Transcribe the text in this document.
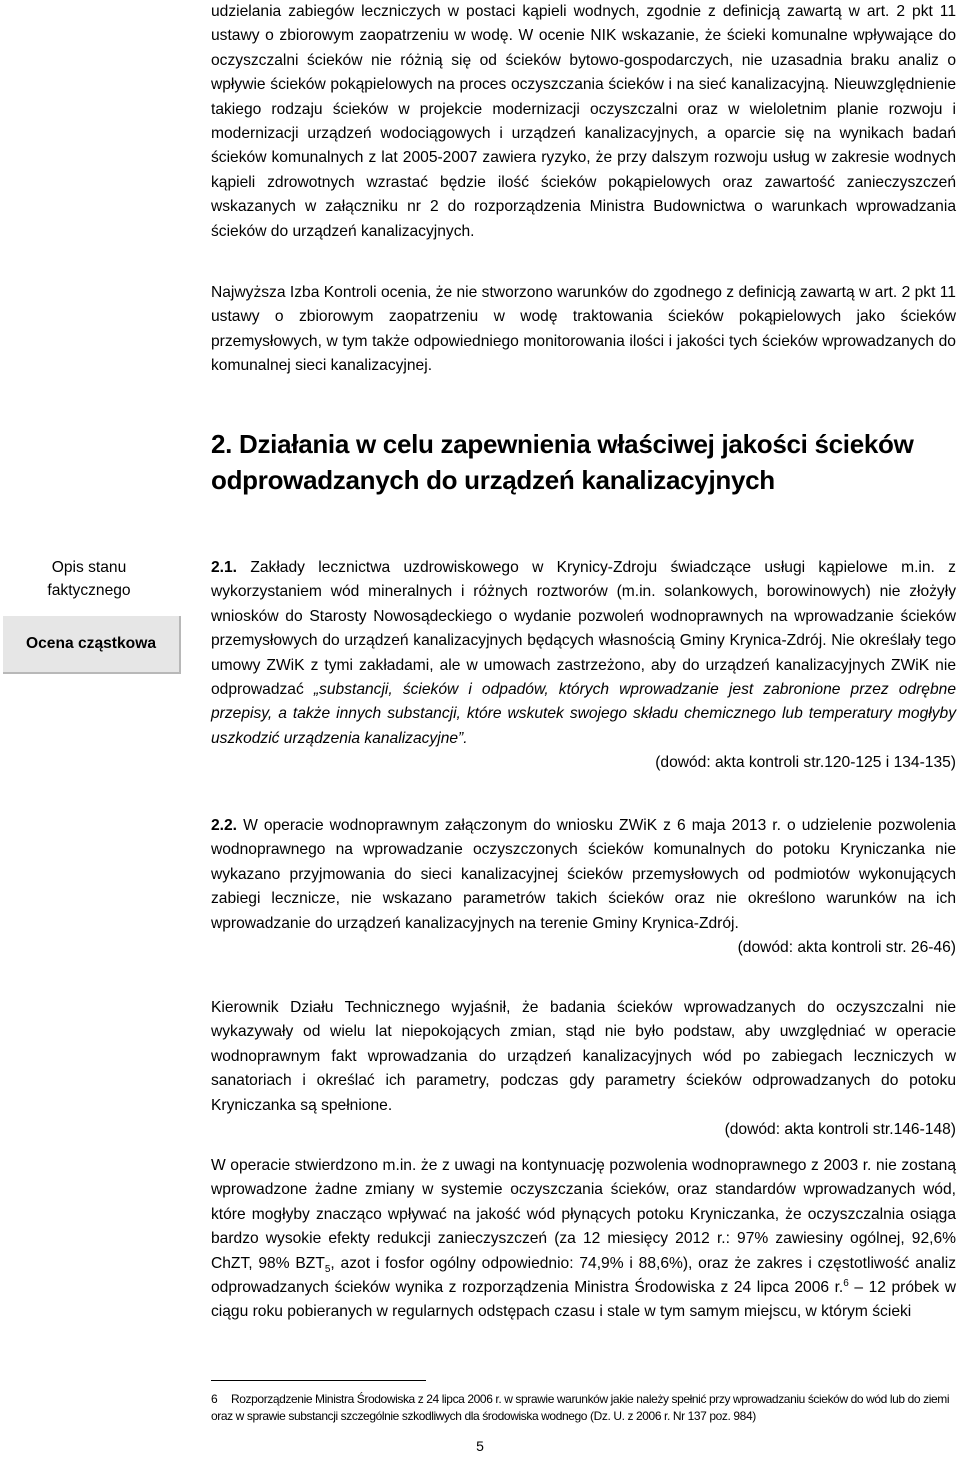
udzielania zabiegów leczniczych w postaci kąpieli wodnych, zgodnie z definicją zawartą w art. 2 pkt 11 ustawy o zbiorowym zaopatrzeniu w wodę. W ocenie NIK wskazanie, że ścieki komunalne wpływające do oczyszczalni ścieków nie różnią się od ścieków bytowo-gospodarczych, nie uzasadnia braku analiz o wpływie ścieków pokąpielowych na proces oczyszczania ścieków i na sieć kanalizacyjną. Nieuwzględnienie takiego rodzaju ścieków w projekcie modernizacji oczyszczalni oraz w wieloletnim planie rozwoju i modernizacji urządzeń wodociągowych i urządzeń kanalizacyjnych, a oparcie się na wynikach badań ścieków komunalnych z lat 2005-2007 zawiera ryzyko, że przy dalszym rozwoju usług w zakresie wodnych kąpieli zdrowotnych wzrastać będzie ilość ścieków pokąpielowych oraz zawartość zanieczyszczeń wskazanych w załączniku nr 2 do rozporządzenia Ministra Budownictwa o warunkach wprowadzania ścieków do urządzeń kanalizacyjnych.

Opis stanu faktycznego
Ocena cząstkowa

Najwyższa Izba Kontroli ocenia, że nie stworzono warunków do zgodnego z definicją zawartą w art. 2 pkt 11 ustawy o zbiorowym zaopatrzeniu w wodę traktowania ścieków pokąpielowych jako ścieków przemysłowych, w tym także odpowiedniego monitorowania ilości i jakości tych ścieków wprowadzanych do komunalnej sieci kanalizacyjnej.

2. Działania w celu zapewnienia właściwej jakości ścieków odprowadzanych do urządzeń kanalizacyjnych

2.1. Zakłady lecznictwa uzdrowiskowego w Krynicy-Zdroju świadczące usługi kąpielowe m.in. z wykorzystaniem wód mineralnych i różnych roztworów (m.in. solankowych, borowinowych) nie złożyły wniosków do Starosty Nowosądeckiego o wydanie pozwoleń wodnoprawnych na wprowadzanie ścieków przemysłowych do urządzeń kanalizacyjnych będących własnością Gminy Krynica-Zdrój. Nie określały tego umowy ZWiK z tymi zakładami, ale w umowach zastrzeżono, aby do urządzeń kanalizacyjnych ZWiK nie odprowadzać „substancji, ścieków i odpadów, których wprowadzanie jest zabronione przez odrębne przepisy, a także innych substancji, które wskutek swojego składu chemicznego lub temperatury mogłyby uszkodzić urządzenia kanalizacyjne”.

(dowód: akta kontroli str.120-125 i 134-135)

2.2. W operacie wodnoprawnym załączonym do wniosku ZWiK z 6 maja 2013 r. o udzielenie pozwolenia wodnoprawnego na wprowadzanie oczyszczonych ścieków komunalnych do potoku Kryniczanka nie wykazano przyjmowania do sieci kanalizacyjnej ścieków przemysłowych od podmiotów wykonujących zabiegi lecznicze, nie wskazano parametrów takich ścieków oraz nie określono warunków na ich wprowadzanie do urządzeń kanalizacyjnych na terenie Gminy Krynica-Zdrój.

(dowód: akta kontroli str. 26-46)

Kierownik Działu Technicznego wyjaśnił, że badania ścieków wprowadzanych do oczyszczalni nie wykazywały od wielu lat niepokojących zmian, stąd nie było podstaw, aby uwzględniać w operacie wodnoprawnym fakt wprowadzania do urządzeń kanalizacyjnych wód po zabiegach leczniczych w sanatoriach i określać ich parametry, podczas gdy parametry ścieków odprowadzanych do potoku Kryniczanka są spełnione.

(dowód: akta kontroli str.146-148)

W operacie stwierdzono m.in. że z uwagi na kontynuację pozwolenia wodnoprawnego z 2003 r. nie zostaną wprowadzone żadne zmiany w systemie oczyszczania ścieków, oraz standardów wprowadzanych wód, które mogłyby znacząco wpływać na jakość wód płynących potoku Kryniczanka, że oczyszczalnia osiąga bardzo wysokie efekty redukcji zanieczyszczeń (za 12 miesięcy 2012 r.: 97% zawiesiny ogólnej, 92,6% ChZT, 98% $BZT_5$, azot i fosfor ogólny odpowiednio: 74,9% i 88,6%), oraz że zakres i częstotliwość analiz odprowadzanych ścieków wynika z rozporządzenia Ministra Środowiska z 24 lipca 2006 r.$^6$ – 12 próbek w ciągu roku pobieranych w regularnych odstępach czasu i stale w tym samym miejscu, w którym ścieki

6 Rozporządzenie Ministra Środowiska z 24 lipca 2006 r. w sprawie warunków jakie należy spełnić przy wprowadzaniu ścieków do wód lub do ziemi oraz w sprawie substancji szczególnie szkodliwych dla środowiska wodnego (Dz. U. z 2006 r. Nr 137 poz. 984)
5
